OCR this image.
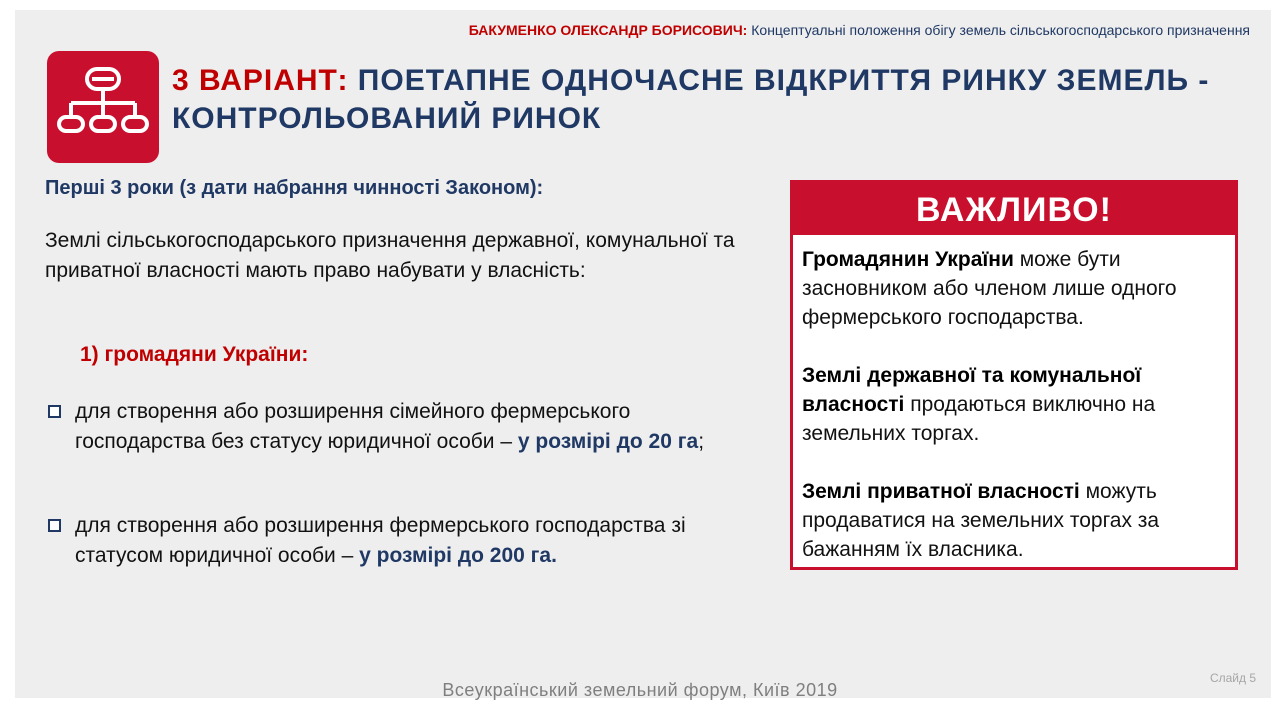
БАКУМЕНКО ОЛЕКСАНДР БОРИСОВИЧ: Концептуальні положення обігу земель сільськогосподарського призначення
3 ВАРІАНТ: ПОЕТАПНЕ ОДНОЧАСНЕ ВІДКРИТТЯ РИНКУ ЗЕМЕЛЬ - КОНТРОЛЬОВАНИЙ РИНОК
Перші 3 роки (з дати набрання чинності Законом):
Землі сільськогосподарського призначення державної, комунальної та приватної власності мають право набувати у власність:
1) громадяни України:
для створення або розширення сімейного фермерського господарства без статусу юридичної особи – у розмірі до 20 га;
для створення або розширення фермерського господарства зі статусом юридичної особи – у розмірі до 200 га.
ВАЖЛИВО!

Громадянин України може бути засновником або членом лише одного фермерського господарства.

Землі державної та комунальної власності продаються виключно на земельних торгах.

Землі приватної власності можуть продаватися на земельних торгах за бажанням їх власника.

Всеукраїнський земельний форум, Київ 2019
Слайд 5
